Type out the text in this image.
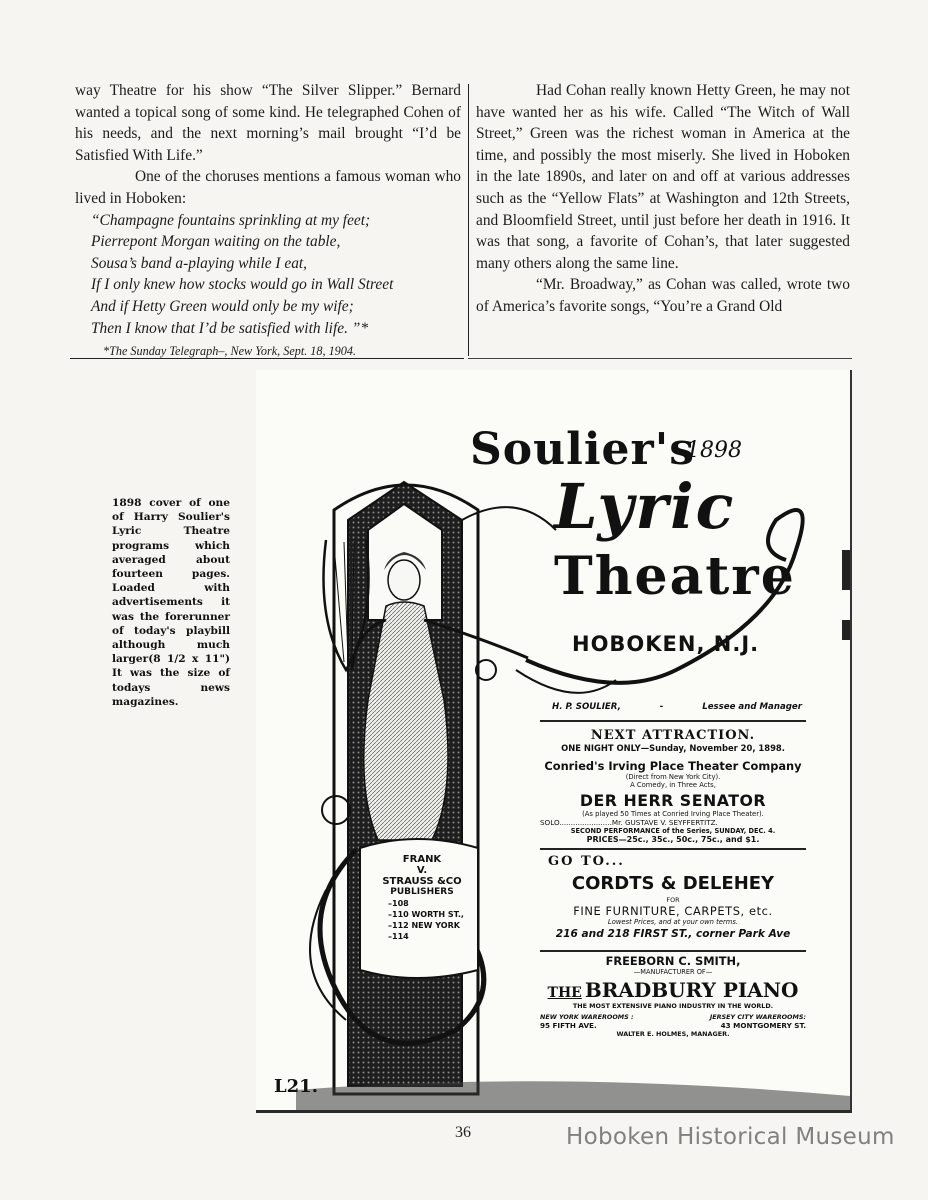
way Theatre for his show “The Silver Slipper.” Bernard wanted a topical song of some kind. He telegraphed Cohen of his needs, and the next morning’s mail brought “I’d be Satisfied With Life.”

One of the choruses mentions a famous woman who lived in Hoboken:

“Champagne fountains sprinkling at my feet;
Pierrepont Morgan waiting on the table,
Sousa’s band a-playing while I eat,
If I only knew how stocks would go in Wall Street
And if Hetty Green would only be my wife;
Then I know that I’d be satisfied with life. ”*
*The Sunday Telegraph–, New York, Sept. 18, 1904.

Had Cohan really known Hetty Green, he may not have wanted her as his wife. Called “The Witch of Wall Street,” Green was the richest woman in America at the time, and possibly the most miserly. She lived in Hoboken in the late 1890s, and later on and off at various addresses such as the “Yellow Flats” at Washington and 12th Streets, and Bloomfield Street, until just before her death in 1916. It was that song, a favorite of Cohan’s, that later suggested many others along the same line.

“Mr. Broadway,” as Cohan was called, wrote two of America’s favorite songs, “You’re a Grand Old

1898 cover of one of Harry Soulier's Lyric Theatre programs which averaged about fourteen pages. Loaded with advertisements it was the forerunner of today's playbill although much larger(8 1/2 x 11") It was the size of todays news magazines.
Soulier's
1898
Lyric
Theatre
HOBOKEN, N.J.
H. P. SOULIER,	-	Lessee and Manager
NEXT ATTRACTION.
ONE NIGHT ONLY—Sunday, November 20, 1898.
Conried's Irving Place Theater Company
(Direct from New York City).
A Comedy, in Three Acts,
DER HERR SENATOR
(As played 50 Times at Conried Irving Place Theater).
SOLO.......................Mr. GUSTAVE V. SEYFFERTITZ.
SECOND PERFORMANCE of the Series, SUNDAY, DEC. 4.
PRICES—25c., 35c., 50c., 75c., and $1.
GO TO...
CORDTS & DELEHEY
FOR
FINE FURNITURE, CARPETS, etc.
Lowest Prices, and at your own terms.
216 and 218 FIRST ST., corner Park Ave
FREEBORN C. SMITH,
—MANUFACTURER OF—
THE BRADBURY PIANO
THE MOST EXTENSIVE PIANO INDUSTRY IN THE WORLD.
NEW YORK WAREROOMS :	JERSEY CITY WAREROOMS:
95 FIFTH AVE.	43 MONTGOMERY ST.
WALTER E. HOLMES, MANAGER.
FRANK
V.
STRAUSS &CO
PUBLISHERS
–108
–110 WORTH ST.,
–112 NEW YORK
–114
L21.
36	Hoboken Historical Museum
